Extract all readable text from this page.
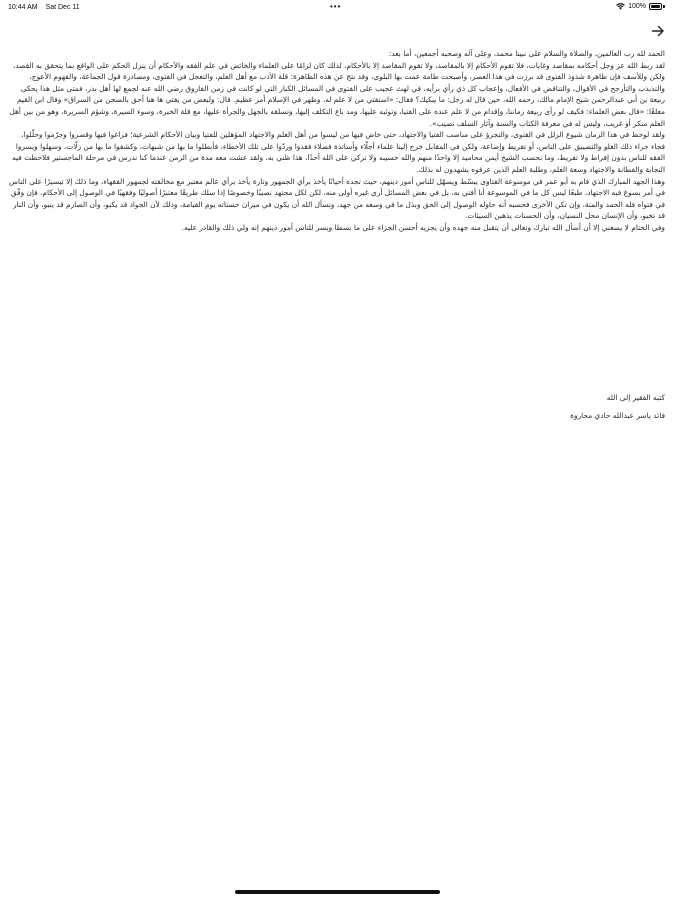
10:44 AM Sat Dec 11	•••	100%

الحمد لله رب العالمين، والصلاة والسلام على نبينا محمد، وعلى آله وصحبه أجمعين، أما بعد:

لقد ربط الله عز وجل أحكامه بمقاصد وغايات، فلا تقوم الأحكام إلا بالمقاصد، ولا تقوم المقاصد إلا بالأحكام، لذلك كان لزامًا على العلماء والخائض في علم الفقه والأحكام أن ينزل الحكم على الواقع بما يتحقق به القصد، ولكن وللأسف فإن ظاهرة شذوذ الفتوى قد برزت في هذا العصر، وأصبحت طامة عمت بها البلوى، وقد نتج عن هذه الظاهرة: قلة الأدب مع أهل العلم، والتعجل في الفتوى، ومصادرة قول الجماعة، والفهوم الأعوج، والتذبذب والتأرجح في الأقوال، والتناقض في الأفعال، وإعجاب كل ذي رأي برأيه، في لهث عجيب على الفتوى في المسائل الكبار التي لو كانت في زمن الفاروق رضي الله عنه لجمع لها أهل بدر، فمتى مثل هذا يحكى ربيعة بن أبي عبدالرحمن شيخ الإمام مالك، رحمه الله، حين قال له رجل: ما يبكيك؟ فقال: «استفتي من لا علم له، وظهر في الإسلام أمر عظيم. قال: ولبعض من يفتي ها هنا أحق بالسجن من السراق» وقال ابن القيم معلقًا: «قال بعض العلماء: فكيف لو رأى ربيعة زماننا، وإقدام من لا علم عنده على الفتيا، وتوثبه عليها، ومد باع التكلف إليها، وتسلقه بالجهل والجرأة عليها، مع قلة الخبرة، وسوء السيرة، وشؤم السريرة، وهو من بين أهل العلم منكر أو غريب، وليس له في معرفة الكتاب والسنة وآثار السلف نصيب».

ولقد لوحظ في هذا الزمان شيوع الزلل في الفتوى، والتجرؤ على مناصب الفتيا والاجتهاد، حتى خاض فيها من ليسوا من أهل العلم والاجتهاد المؤهلين للفتيا وبيان الأحكام الشرعية؛ فزاغوا فيها وقصروا وجرّموا وحلّلوا، فجاء جراء ذلك الغلو والتضييق على الناس، أو تفريط وإضاعة، ولكن في المقابل خرج إلينا علماء أجلّاء وأساتذة فضلاء فقدوا وردّوا على تلك الأخطاء، فأبطلوا ما بها من شبهات، وكشفوا ما بها من زلّات، وسهلوا ويسروا الفقه للناس بدون إفراط ولا تفريط، وما نحسب الشيخ أيمن محاميد إلا واحدًا منهم والله حسيبه ولا نزكي على الله أحدًا، هذا ظني به، ولقد عشت معه مدة من الزمن عندما كنا ندرس في مرحلة الماجستير فلاحظت فيه النجابة والفطانة والاجتهاد وسعة العلم، وطلبة العلم الذين عرفوه يشهدون له بذلك.

وهذا الجهد المبارك الذي قام به أبو عمر في موسوعة الفتاوى يبسّط ويسهّل للناس أمور دينهم، حيث تجده أحيانًا يأخذ برأي الجمهور وتارة يأخذ برأي عالم معتبر مع مخالفته لجمهور الفقهاء، وما ذلك إلا تيسيرًا على الناس في أمر يسوغ فيه الاجتهاد، طبعًا ليس كل ما في الموسوعة أنا أفتي به، بل في بعض المسائل أرى غيره أولى منه، لكن لكل مجتهد نصيبًا وخصوصًا إذا سلك طريقًا معتبرًا أصوليًا وفقهيًا في الوصول إلى الأحكام، فإن وفّق في فتواه فله الحمد والمنة، وإن تكن الأخرى فحسبه أنه حاوله الوصول إلى الحق وبذل ما في وسعه من جهد، ونسأل الله أن يكون في ميزان حسناته يوم القيامة، وذلك لأن الجواد قد يكبو، وأن الصارم قد ينبو، وأن النار قد تخبو، وأن الإنسان محل النسيان، وأن الحسنات يذهبن السيئات.

وفي الختام لا يسعني إلا أن أسأل الله تبارك وتعالى أن يتقبل منه جهده وأن يجزيه أحسن الجزاء على ما بسطا ويسر للناس أمور دينهم إنه ولي ذلك والقادر عليه.

كتبه الفقير إلى الله
فائد ياسر عبدالله حادي محاروة
